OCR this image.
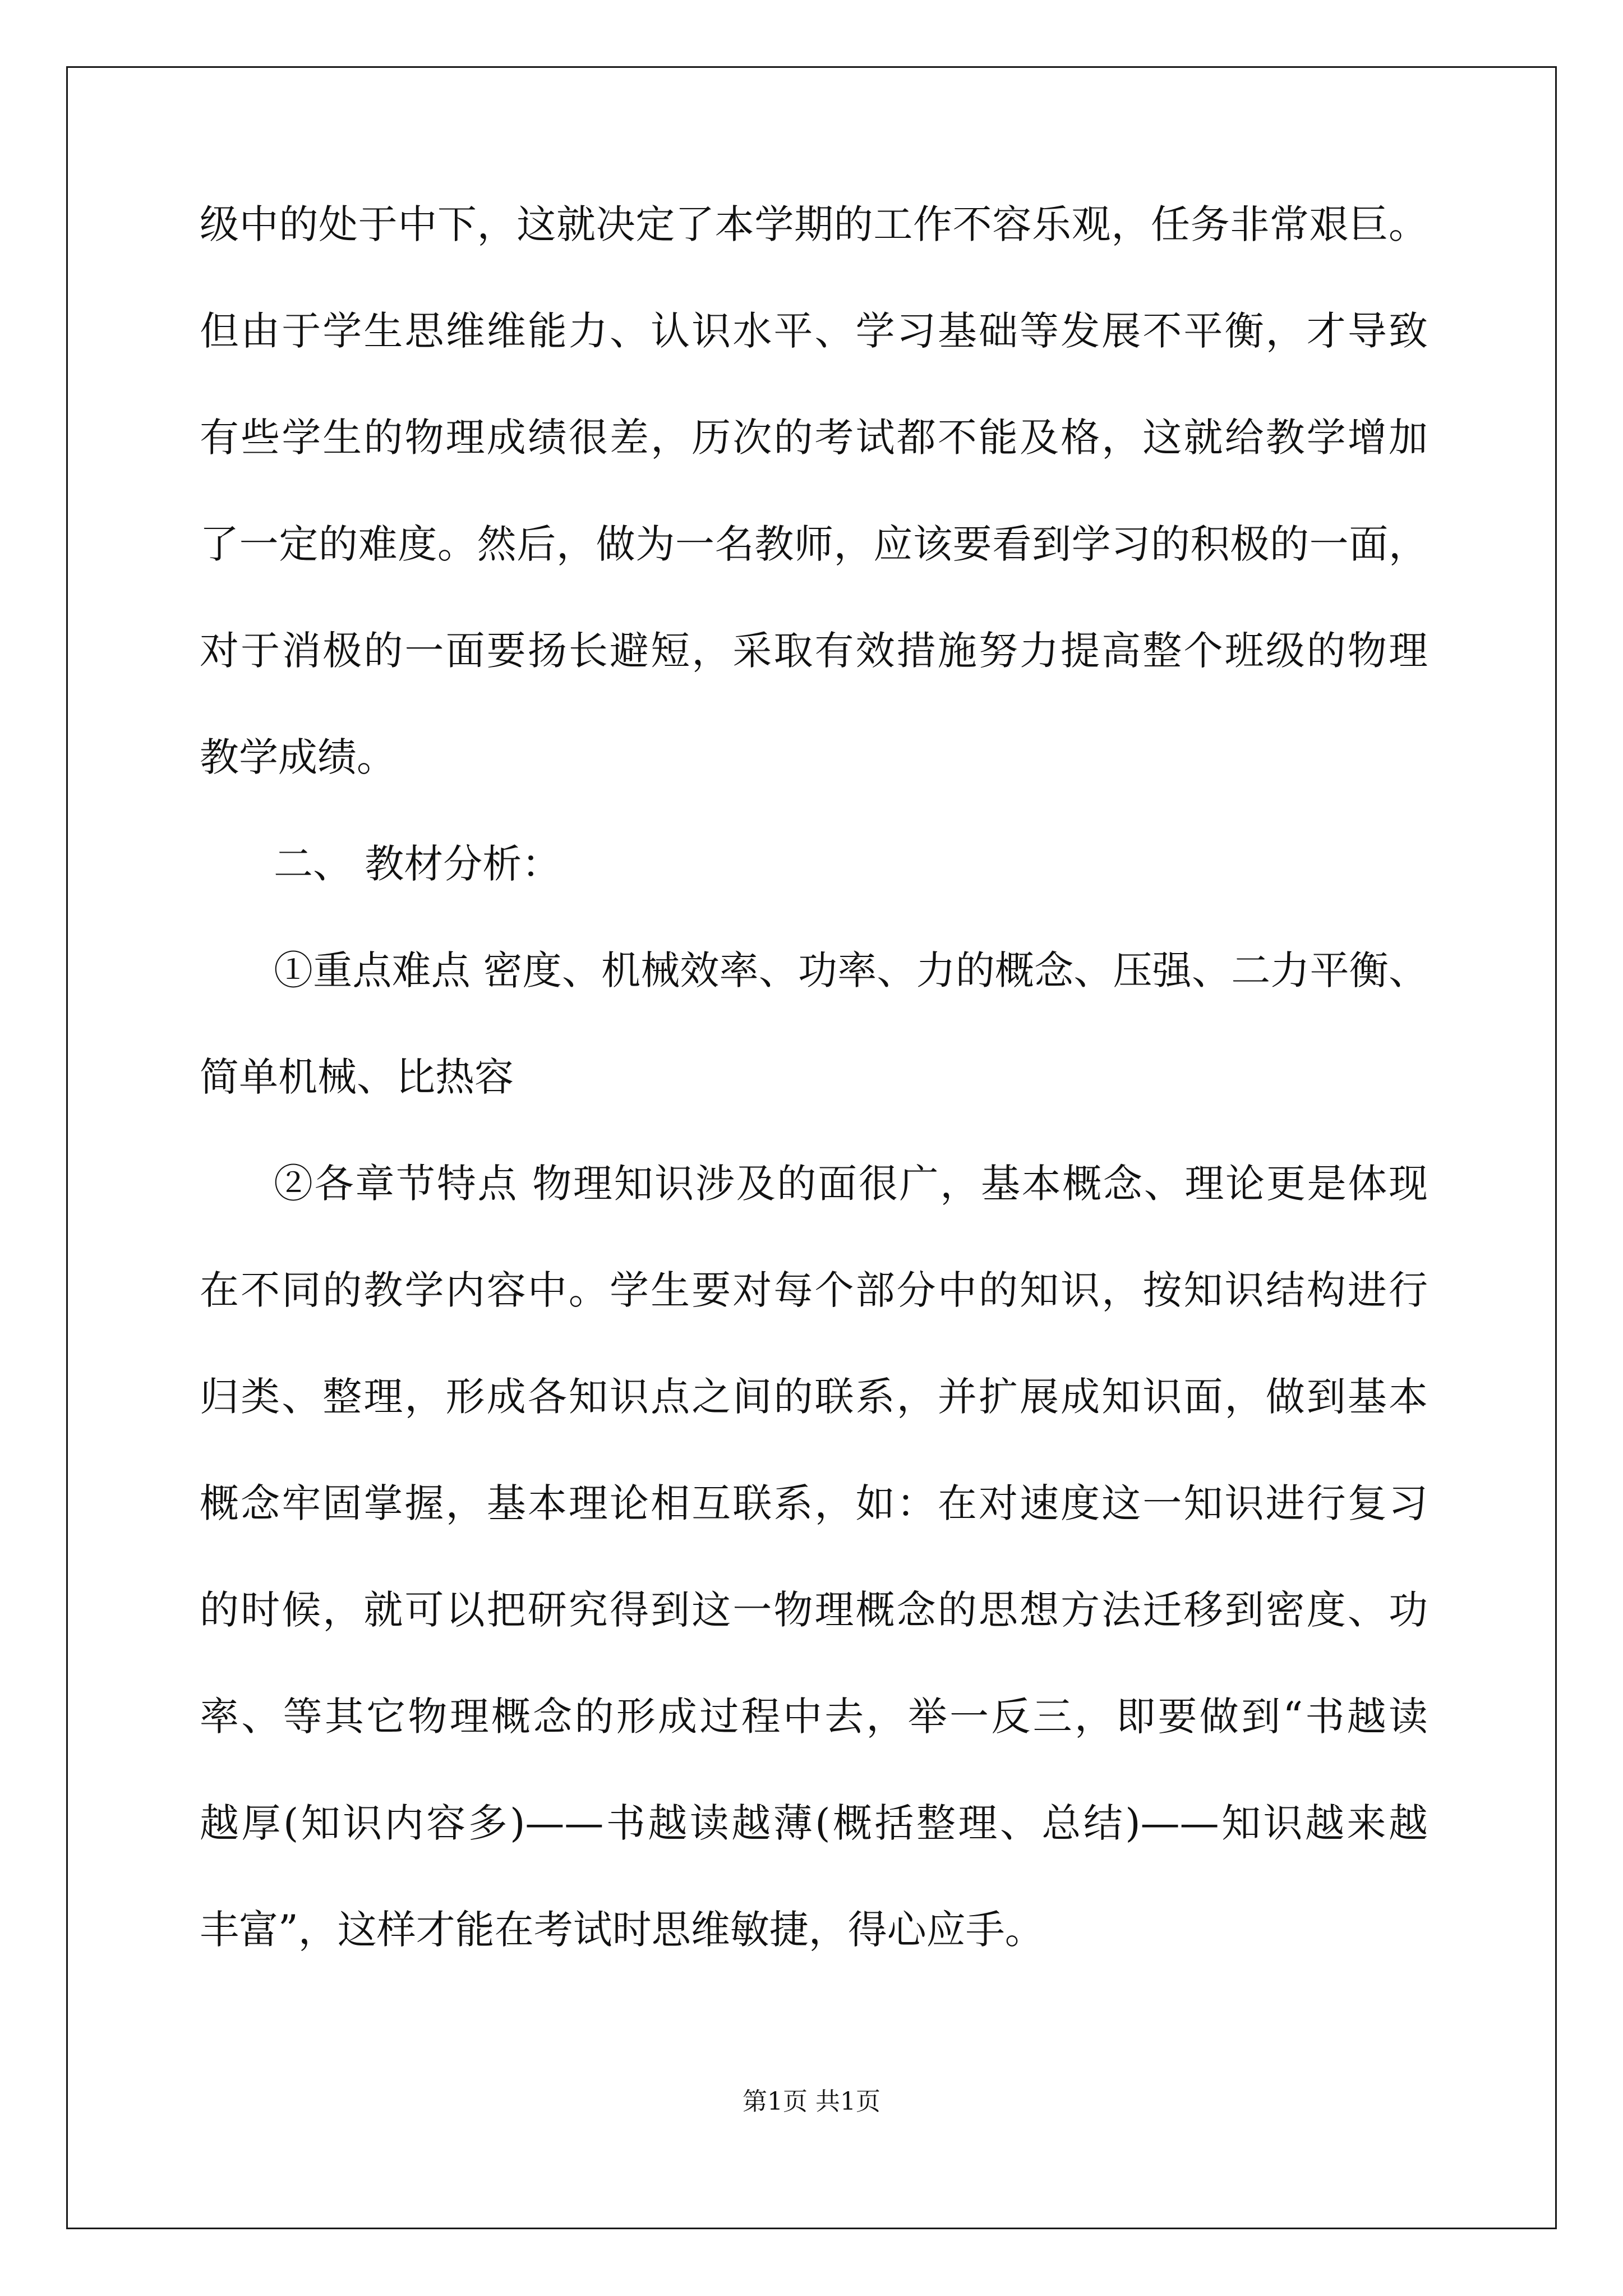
级中的处于中下，这就决定了本学期的工作不容乐观，任务非常艰巨。
但由于学生思维维能力、认识水平、学习基础等发展不平衡，才导致
有些学生的物理成绩很差，历次的考试都不能及格，这就给教学增加
了一定的难度。然后，做为一名教师，应该要看到学习的积极的一面，
对于消极的一面要扬长避短，采取有效措施努力提高整个班级的物理
教学成绩。
二、 教材分析：
①重点难点 密度、机械效率、功率、力的概念、压强、二力平衡、
简单机械、比热容
②各章节特点 物理知识涉及的面很广，基本概念、理论更是体现
在不同的教学内容中。学生要对每个部分中的知识，按知识结构进行
归类、整理，形成各知识点之间的联系，并扩展成知识面，做到基本
概念牢固掌握，基本理论相互联系，如：在对速度这一知识进行复习
的时候，就可以把研究得到这一物理概念的思想方法迁移到密度、功
率、等其它物理概念的形成过程中去，举一反三，即要做到“书越读
越厚(知识内容多)——书越读越薄(概括整理、总结)——知识越来越
丰富”，这样才能在考试时思维敏捷，得心应手。
第1页 共1页
